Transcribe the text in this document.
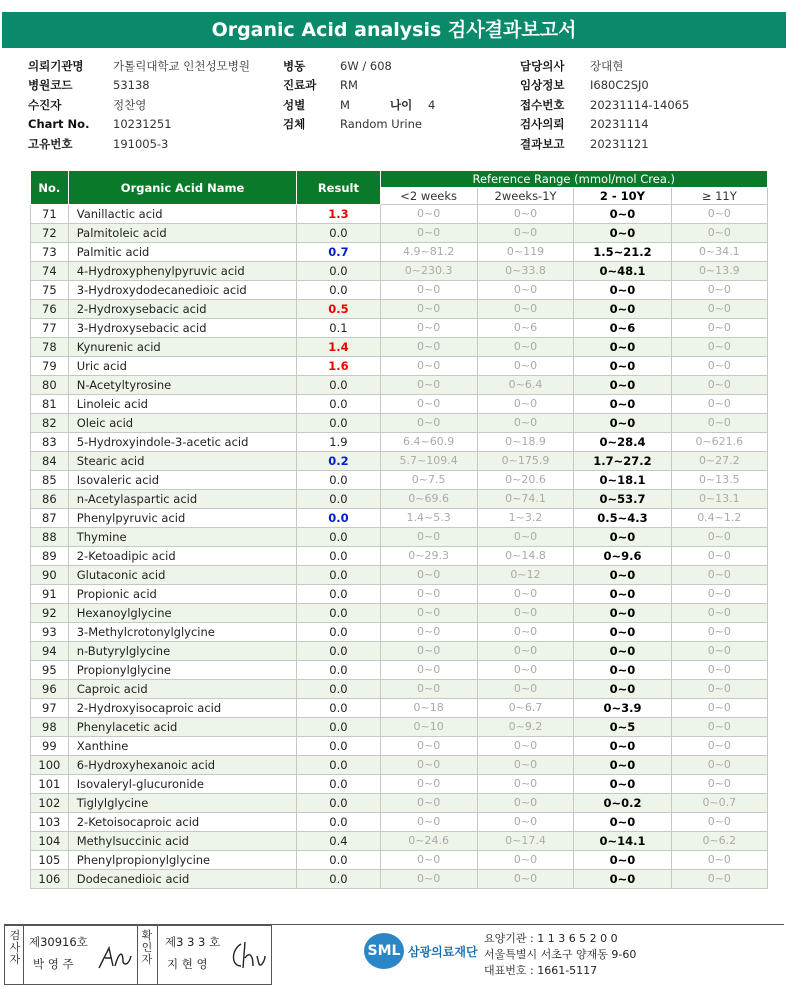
Organic Acid analysis 검사결과보고서
의뢰기관명	가톨릭대학교 인천성모병원	병동	6W / 608	담당의사	장대현
병원코드	53138	진료과	RM	임상정보	I680C2SJ0
수진자	정찬영	성별	M	나이	4	접수번호	20231114-14065
Chart No.	10231251	검체	Random Urine	검사의뢰	20231114
고유번호	191005-3	결과보고	20231121
No.	Organic Acid Name	Result	Reference Range (mmol/mol Crea.)			
			<2 weeks	2weeks-1Y	2 - 10Y	≥ 11Y
71	Vanillactic acid	1.3	0~0	0~0	0~0	0~0
72	Palmitoleic acid	0.0	0~0	0~0	0~0	0~0
73	Palmitic acid	0.7	4.9~81.2	0~119	1.5~21.2	0~34.1
74	4-Hydroxyphenylpyruvic acid	0.0	0~230.3	0~33.8	0~48.1	0~13.9
75	3-Hydroxydodecanedioic acid	0.0	0~0	0~0	0~0	0~0
76	2-Hydroxysebacic acid	0.5	0~0	0~0	0~0	0~0
77	3-Hydroxysebacic acid	0.1	0~0	0~6	0~6	0~0
78	Kynurenic acid	1.4	0~0	0~0	0~0	0~0
79	Uric acid	1.6	0~0	0~0	0~0	0~0
80	N-Acetyltyrosine	0.0	0~0	0~6.4	0~0	0~0
81	Linoleic acid	0.0	0~0	0~0	0~0	0~0
82	Oleic acid	0.0	0~0	0~0	0~0	0~0
83	5-Hydroxyindole-3-acetic acid	1.9	6.4~60.9	0~18.9	0~28.4	0~621.6
84	Stearic acid	0.2	5.7~109.4	0~175.9	1.7~27.2	0~27.2
85	Isovaleric acid	0.0	0~7.5	0~20.6	0~18.1	0~13.5
86	n-Acetylaspartic acid	0.0	0~69.6	0~74.1	0~53.7	0~13.1
87	Phenylpyruvic acid	0.0	1.4~5.3	1~3.2	0.5~4.3	0.4~1.2
88	Thymine	0.0	0~0	0~0	0~0	0~0
89	2-Ketoadipic acid	0.0	0~29.3	0~14.8	0~9.6	0~0
90	Glutaconic acid	0.0	0~0	0~12	0~0	0~0
91	Propionic acid	0.0	0~0	0~0	0~0	0~0
92	Hexanoylglycine	0.0	0~0	0~0	0~0	0~0
93	3-Methylcrotonylglycine	0.0	0~0	0~0	0~0	0~0
94	n-Butyrylglycine	0.0	0~0	0~0	0~0	0~0
95	Propionylglycine	0.0	0~0	0~0	0~0	0~0
96	Caproic acid	0.0	0~0	0~0	0~0	0~0
97	2-Hydroxyisocaproic acid	0.0	0~18	0~6.7	0~3.9	0~0
98	Phenylacetic acid	0.0	0~10	0~9.2	0~5	0~0
99	Xanthine	0.0	0~0	0~0	0~0	0~0
100	6-Hydroxyhexanoic acid	0.0	0~0	0~0	0~0	0~0
101	Isovaleryl-glucuronide	0.0	0~0	0~0	0~0	0~0
102	Tiglylglycine	0.0	0~0	0~0	0~0.2	0~0.7
103	2-Ketoisocaproic acid	0.0	0~0	0~0	0~0	0~0
104	Methylsuccinic acid	0.4	0~24.6	0~17.4	0~14.1	0~6.2
105	Phenylpropionylglycine	0.0	0~0	0~0	0~0	0~0
106	Dodecanedioic acid	0.0	0~0	0~0	0~0	0~0
검사자
제30916호
박 영 주
확인자
제3 3 3 호
지 현 영
SML 삼광의료재단
요양기관 : 1 1 3 6 5 2 0 0
서울특별시 서초구 양재동 9-60
대표번호 : 1661-5117
